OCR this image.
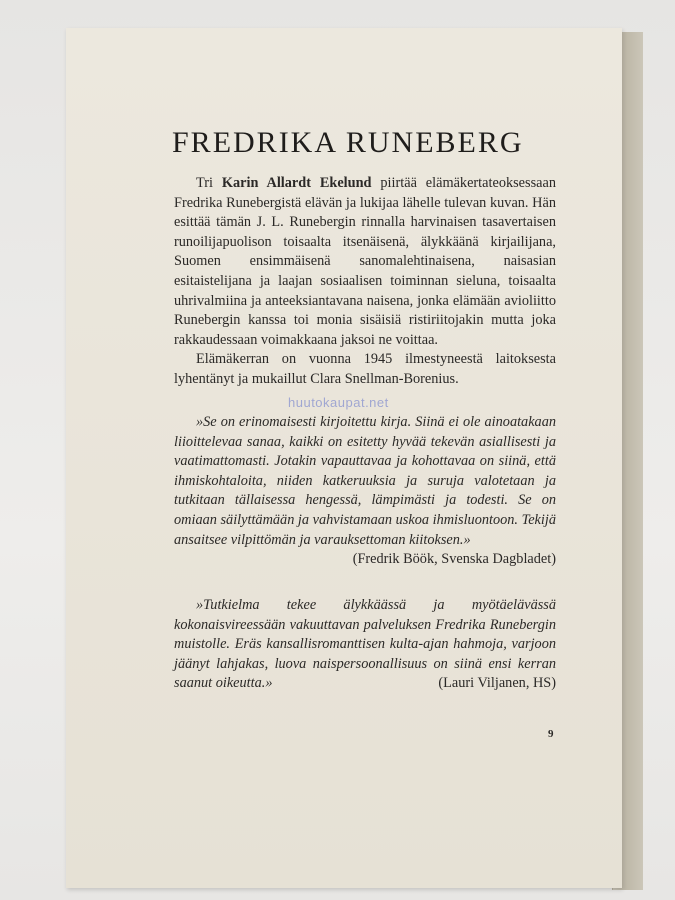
FREDRIKA RUNEBERG

Tri Karin Allardt Ekelund piirtää elämäkertateoksessaan Fredrika Runebergistä elävän ja lukijaa lähelle tulevan kuvan. Hän esittää tämän J. L. Runebergin rinnalla harvinaisen tasavertaisen runoilijapuolison toisaalta itsenäisenä, älykkäänä kirjailijana, Suomen ensimmäisenä sanomalehtinaisena, naisasian esitaistelijana ja laajan sosiaalisen toiminnan sieluna, toisaalta uhrivalmiina ja anteeksiantavana naisena, jonka elämään avioliitto Runebergin kanssa toi monia sisäisiä ristiriitojakin mutta joka rakkaudessaan voimakkaana jaksoi ne voittaa.

Elämäkerran on vuonna 1945 ilmestyneestä laitoksesta lyhentänyt ja mukaillut Clara Snellman-Borenius.

»Se on erinomaisesti kirjoitettu kirja. Siinä ei ole ainoatakaan liioittelevaa sanaa, kaikki on esitetty hyvää tekevän asiallisesti ja vaatimattomasti. Jotakin vapauttavaa ja kohottavaa on siinä, että ihmiskohtaloita, niiden katkeruuksia ja suruja valotetaan ja tutkitaan tällaisessa hengessä, lämpimästi ja todesti. Se on omiaan säilyttämään ja vahvistamaan uskoa ihmisluontoon. Tekijä ansaitsee vilpittömän ja varauksettoman kiitoksen.»
(Fredrik Böök, Svenska Dagbladet)
»Tutkielma tekee älykkäässä ja myötäelävässä kokonaisvireessään vakuuttavan palveluksen Fredrika Runebergin muistolle. Eräs kansallisromanttisen kulta-ajan hahmoja, varjoon jäänyt lahjakas, luova naispersoonallisuus on siinä ensi kerran saanut oikeutta.»	(Lauri Viljanen, HS)
9
huutokaupat.net
